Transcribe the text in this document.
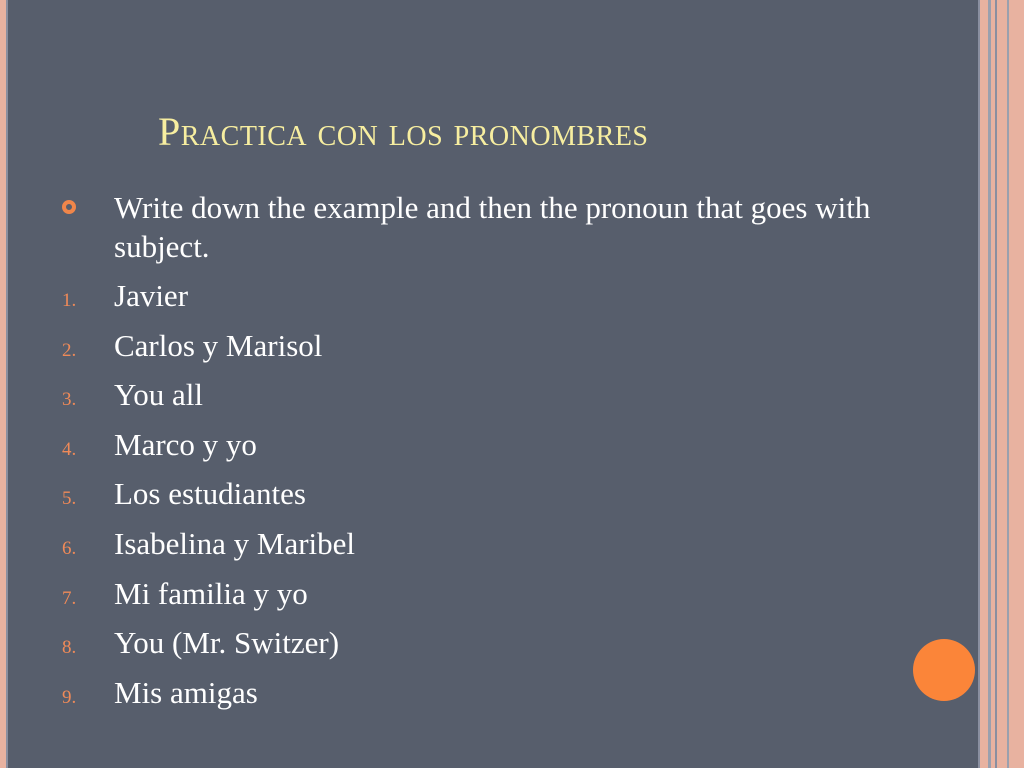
Practica con los pronombres
Write down the example and then the pronoun that goes with subject.
1. Javier
2. Carlos y Marisol
3. You all
4. Marco y yo
5. Los estudiantes
6. Isabelina y Maribel
7. Mi familia y yo
8. You (Mr. Switzer)
9. Mis amigas
